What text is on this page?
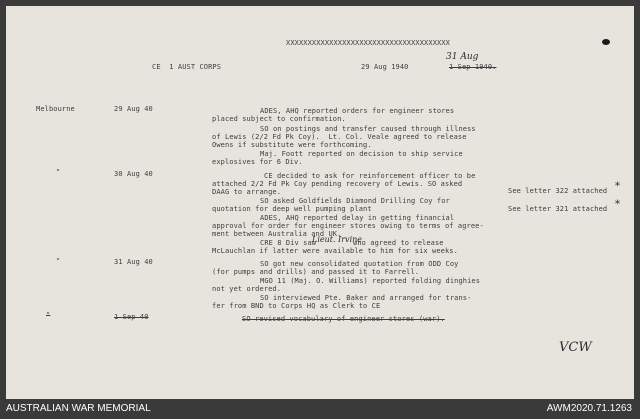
XXXXXXXXXXXXXXXXXXXXXXXXXXXXXXXXXXXXXX
CE  1 AUST CORPS	29 Aug 1940
31 Aug
1 Sep 1940.
Melbourne	29 Aug 40	ADES, AHQ reported orders for engineer stores
placed subject to confirmation.
SO on postings and transfer caused through illness
of Lewis (2/2 Fd Pk Coy).  Lt. Col. Veale agreed to release
Owens if substitute were forthcoming.
Maj. Foott reported on decision to ship service
explosives for 6 Div.
"	30 Aug 40	CE decided to ask for reinforcement officer to be
attached 2/2 Fd Pk Coy pending recovery of Lewis. SO asked
DAAG to arrange.
SO asked Goldfields Diamond Drilling Coy for
quotation for deep well pumping plant
ADES, AHQ reported delay in getting financial
approval for order for engineer stores owing to terms of agree-
ment between Australia and UK.
CRE 8 Div saw
Lieut. Irvine
who agreed to release
McLauchlan if latter were available to him for six weeks.
See letter 322 attached *
See letter 321 attached *
"	31 Aug 40	SO got new consolidated quotation from ODD Coy
(for pumps and drills) and passed it to Farrell.
MGO 11 (Maj. O. Williams) reported folding dinghies
not yet ordered.
SO interviewed Pte. Baker and arranged for trans-
fer from BND to Corps HQ as Clerk to CE
"	1 Sep 40	SO revised vocabulary of engineer stores (war).
VCW
AUSTRALIAN WAR MEMORIAL	AWM2020.71.1263
